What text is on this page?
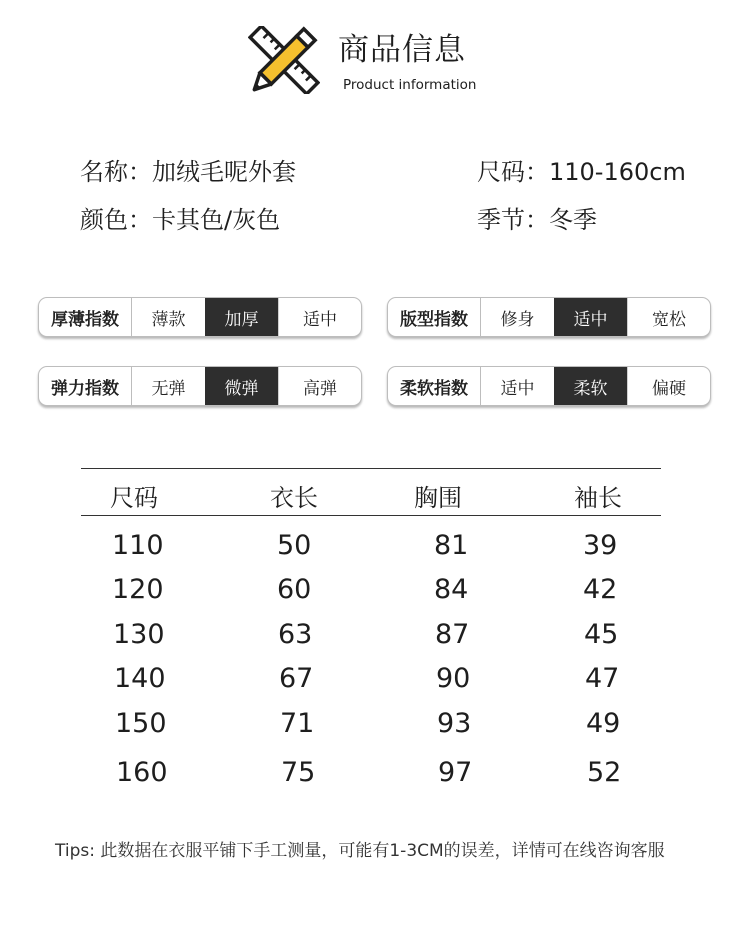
商品信息
Product information
名称：加绒毛呢外套	尺码：110-160cm
颜色：卡其色/灰色	季节：冬季
厚薄指数	薄款	加厚	适中	版型指数	修身	适中	宽松
弹力指数	无弹	微弹	高弹	柔软指数	适中	柔软	偏硬
尺码	衣长	胸围	袖长
110	50	81	39
120	60	84	42
130	63	87	45
140	67	90	47
150	71	93	49
160	75	97	52
Tips: 此数据在衣服平铺下手工测量，可能有1-3CM的误差，详情可在线咨询客服
